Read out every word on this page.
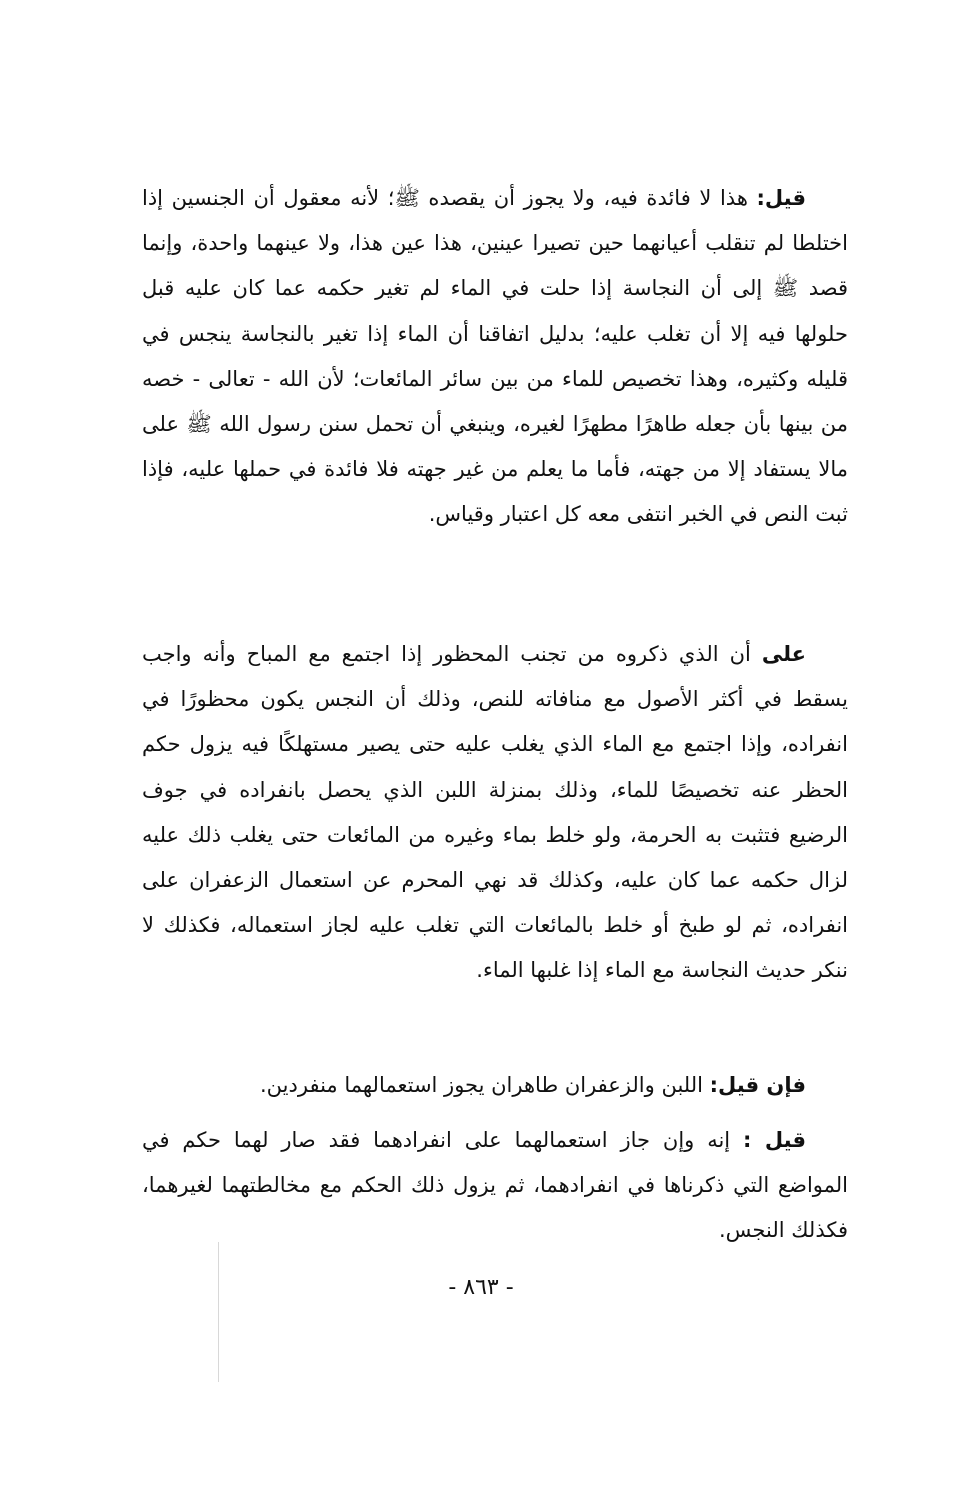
قيل: هذا لا فائدة فيه، ولا يجوز أن يقصده ﷺ؛ لأنه معقول أن الجنسين إذا اختلطا لم تنقلب أعيانهما حين تصيرا عينين، هذا عين هذا، ولا عينهما واحدة، وإنما قصد ﷺ إلى أن النجاسة إذا حلت في الماء لم تغير حكمه عما كان عليه قبل حلولها فيه إلا أن تغلب عليه؛ بدليل اتفاقنا أن الماء إذا تغير بالنجاسة ينجس في قليله وكثيره، وهذا تخصيص للماء من بين سائر المائعات؛ لأن الله - تعالى - خصه من بينها بأن جعله طاهرًا مطهرًا لغيره، وينبغي أن تحمل سنن رسول الله ﷺ على مالا يستفاد إلا من جهته، فأما ما يعلم من غير جهته فلا فائدة في حملها عليه، فإذا ثبت النص في الخبر انتفى معه كل اعتبار وقياس.

على أن الذي ذكروه من تجنب المحظور إذا اجتمع مع المباح وأنه واجب يسقط في أكثر الأصول مع منافاته للنص، وذلك أن النجس يكون محظورًا في انفراده، وإذا اجتمع مع الماء الذي يغلب عليه حتى يصير مستهلكًا فيه يزول حكم الحظر عنه تخصيصًا للماء، وذلك بمنزلة اللبن الذي يحصل بانفراده في جوف الرضيع فتثبت به الحرمة، ولو خلط بماء وغيره من المائعات حتى يغلب ذلك عليه لزال حكمه عما كان عليه، وكذلك قد نهي المحرم عن استعمال الزعفران على انفراده، ثم لو طبخ أو خلط بالمائعات التي تغلب عليه لجاز استعماله، فكذلك لا ننكر حديث النجاسة مع الماء إذا غلبها الماء.

فإن قيل: اللبن والزعفران طاهران يجوز استعمالهما منفردين.

قيل : إنه وإن جاز استعمالهما على انفرادهما فقد صار لهما حكم في المواضع التي ذكرناها في انفرادهما، ثم يزول ذلك الحكم مع مخالطتهما لغيرهما، فكذلك النجس.

- ٨٦٣ -
